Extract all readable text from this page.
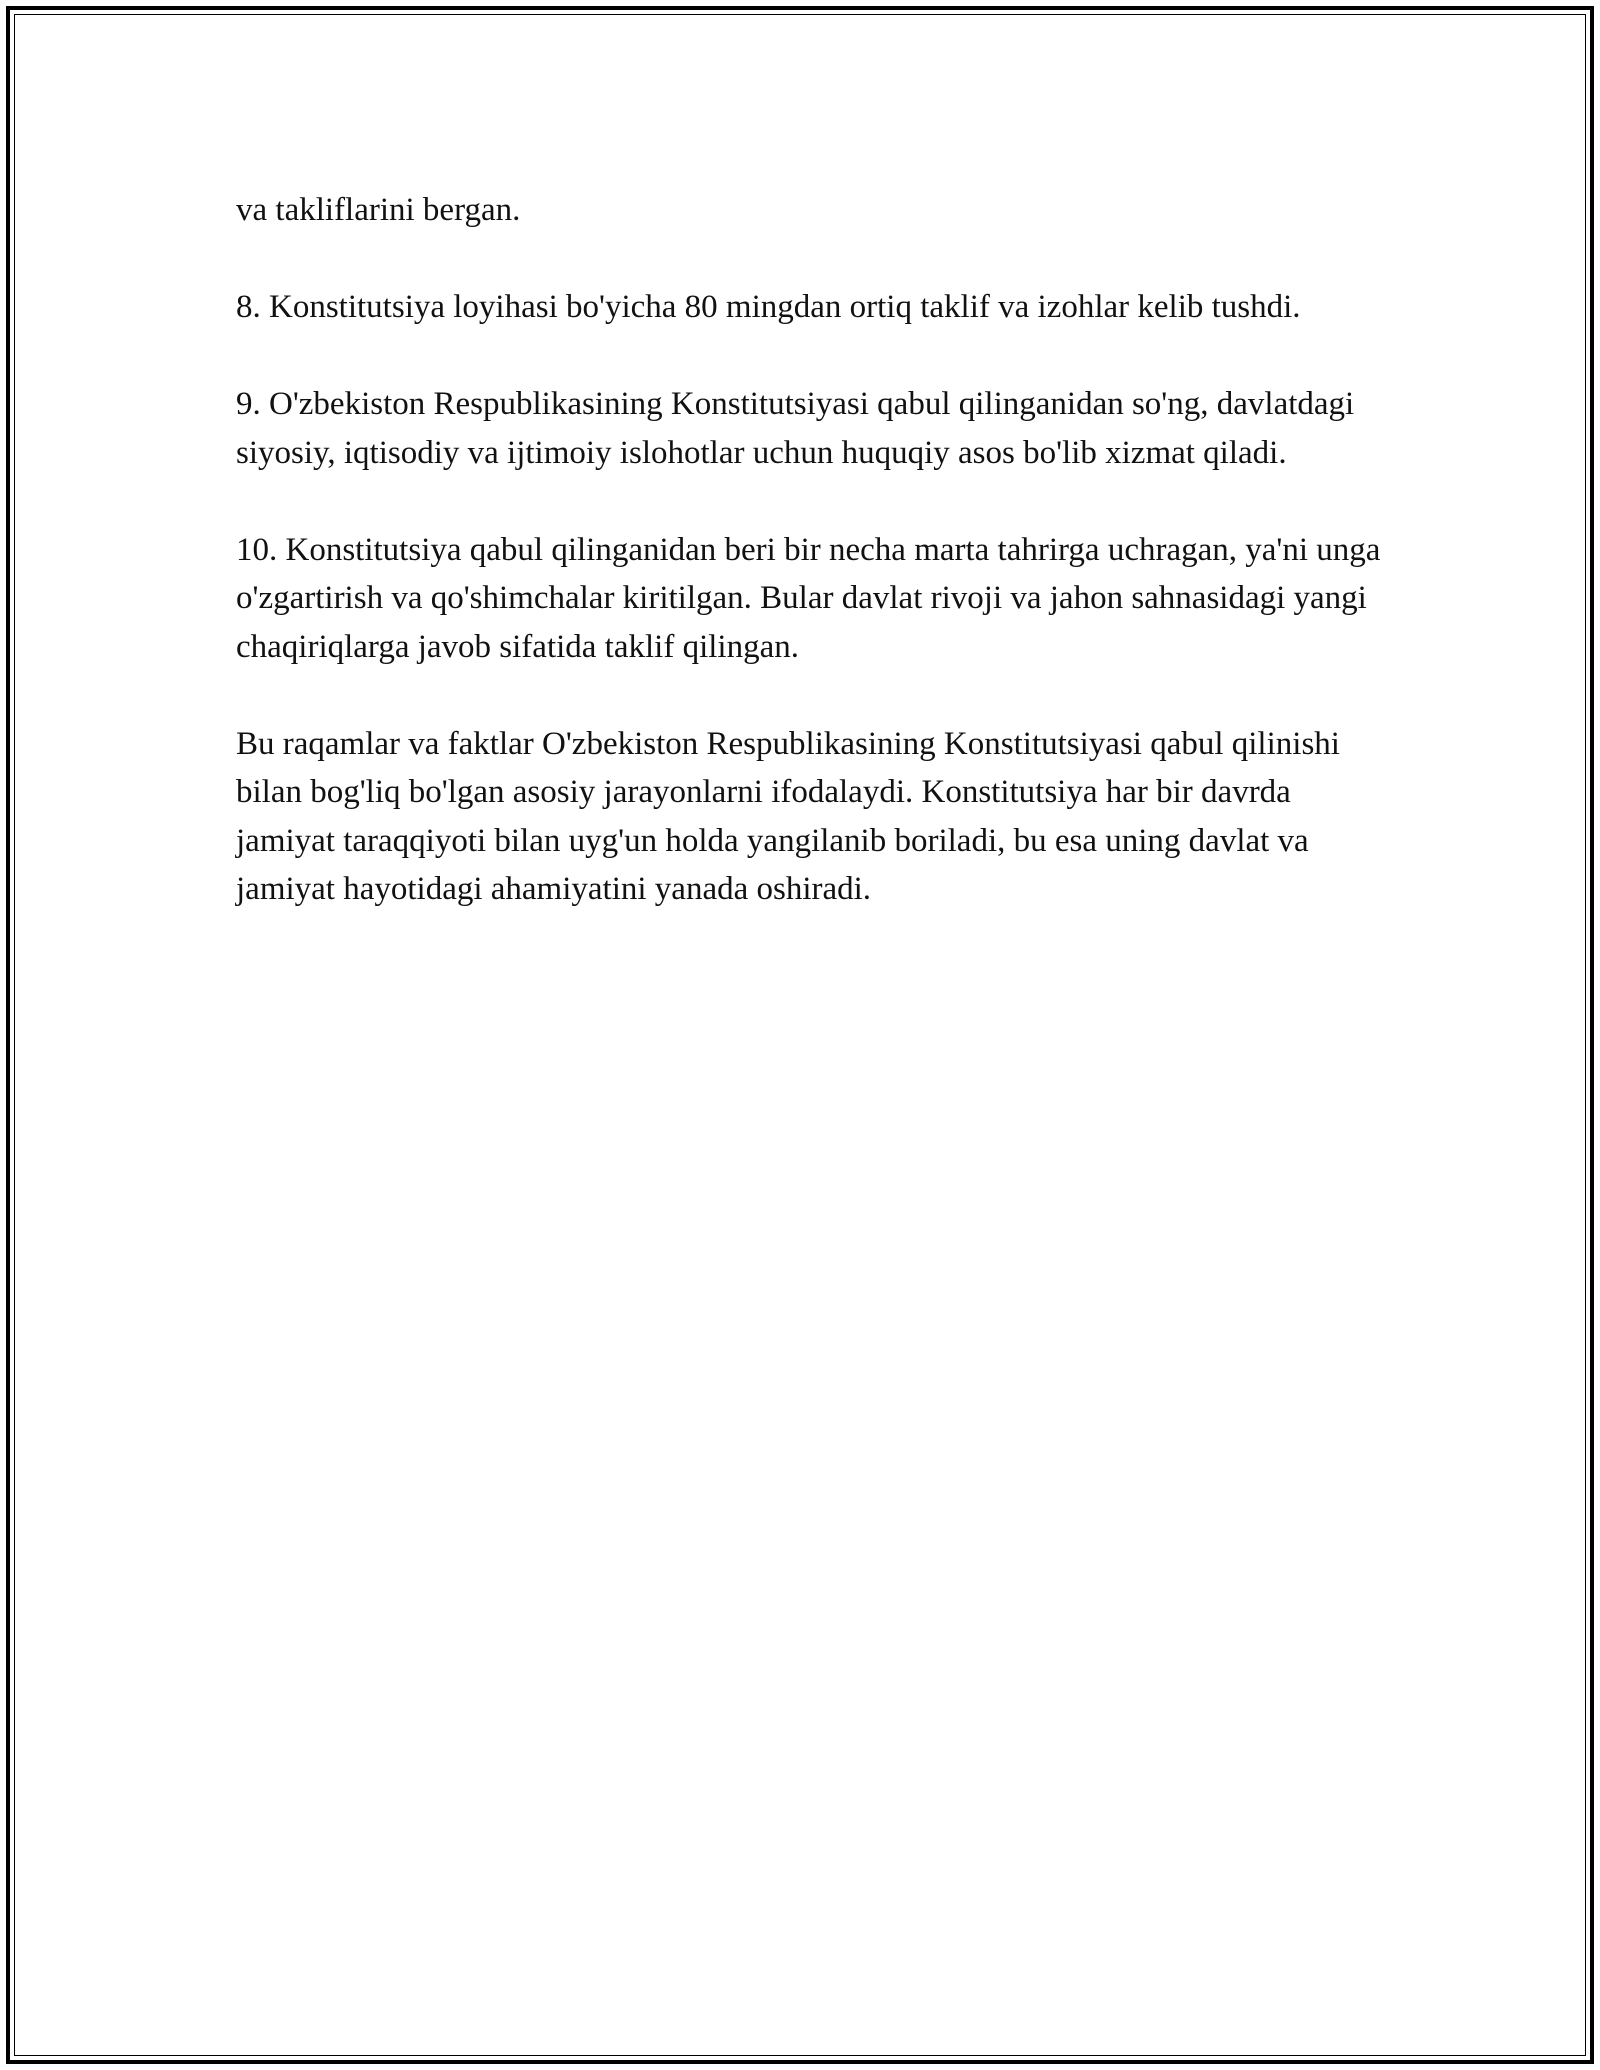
va takliflarini bergan.

8. Konstitutsiya loyihasi bo'yicha 80 mingdan ortiq taklif va izohlar kelib tushdi.

9. O'zbekiston Respublikasining Konstitutsiyasi qabul qilinganidan so'ng, davlatdagi siyosiy, iqtisodiy va ijtimoiy islohotlar uchun huquqiy asos bo'lib xizmat qiladi.

10. Konstitutsiya qabul qilinganidan beri bir necha marta tahrirga uchragan, ya'ni unga o'zgartirish va qo'shimchalar kiritilgan. Bular davlat rivoji va jahon sahnasidagi yangi chaqiriqlarga javob sifatida taklif qilingan.

Bu raqamlar va faktlar O'zbekiston Respublikasining Konstitutsiyasi qabul qilinishi bilan bog'liq bo'lgan asosiy jarayonlarni ifodalaydi. Konstitutsiya har bir davrda jamiyat taraqqiyoti bilan uyg'un holda yangilanib boriladi, bu esa uning davlat va jamiyat hayotidagi ahamiyatini yanada oshiradi.
